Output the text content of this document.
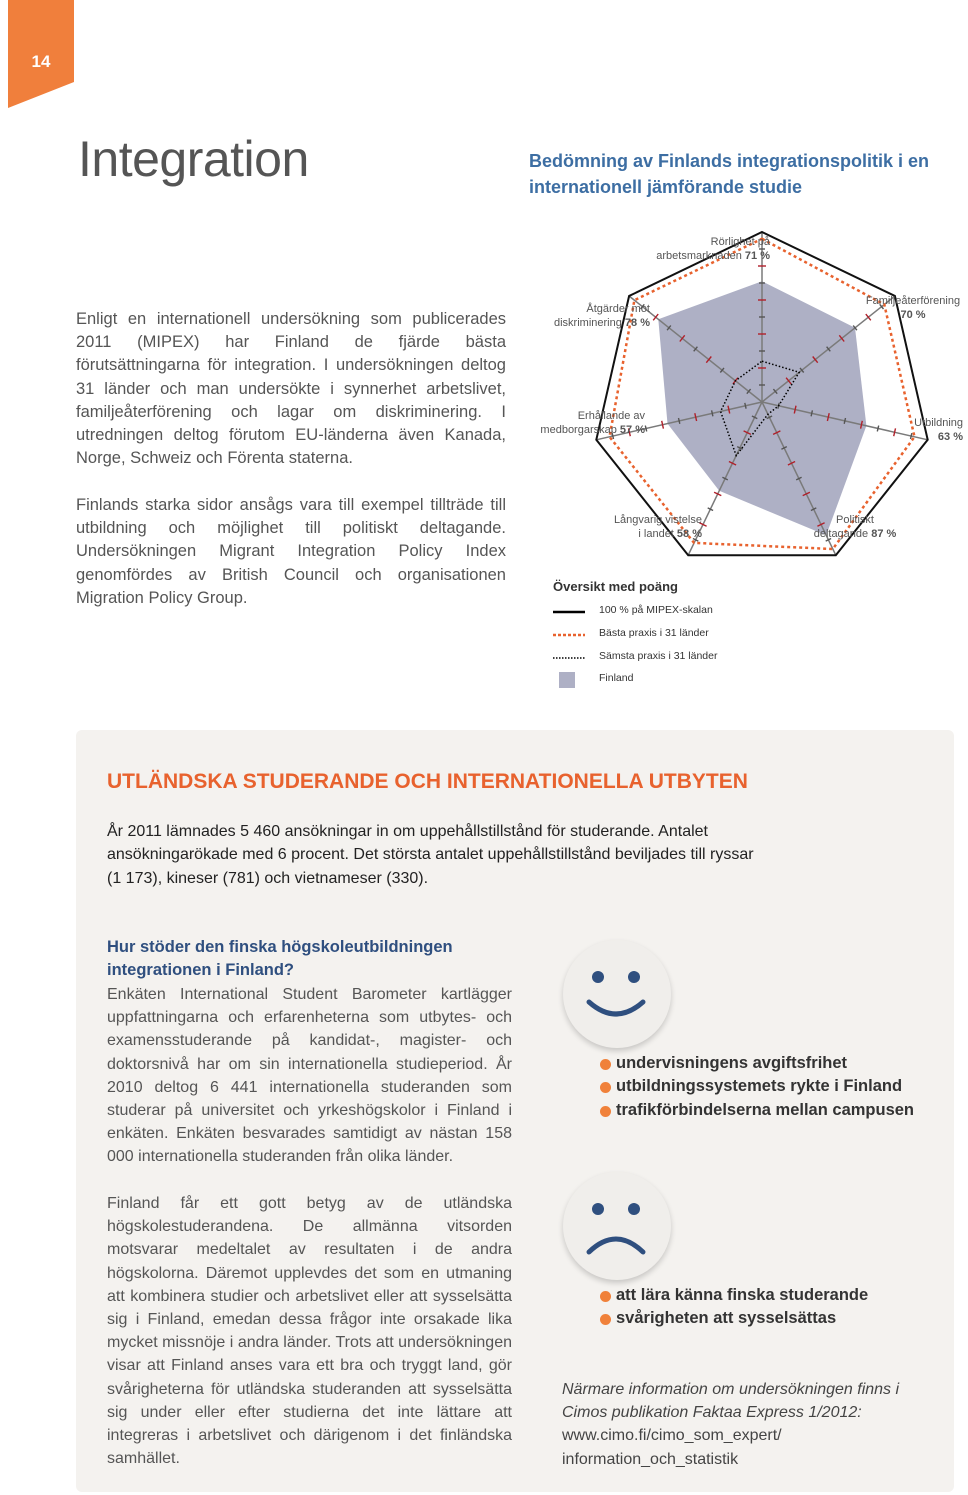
14
Integration	Bedömning av Finlands integrationspolitik i en internationell jämförande studie

Enligt en internationell undersökning som publicerades 2011 (MIPEX) har Finland de fjärde bästa förutsättningarna för integration. I undersökningen deltog 31 länder och man undersökte i synnerhet arbetslivet, familjeåterförening och lagar om diskriminering. I utredningen deltog förutom EU-länderna även Kanada, Norge, Schweiz och Förenta staterna.

Finlands starka sidor ansågs vara till exempel tillträde till utbildning och möjlighet till politiskt deltagande. Undersökningen Migrant Integration Policy Index genomfördes av British Council och organisationen Migration Policy Group.

Rörlighet på
arbetsmarknaden 71 %
Familjeåterförening
70 %
Utbildning
63 %
Politiskt
deltagande 87 %
Långvarig vistelse
i landet 58 %
Erhållande av
medborgarskap 57 %
Åtgärder mot
diskriminering 78 %
Översikt med poäng
100 % på MIPEX-skalan
Bästa praxis i 31 länder
Sämsta praxis i 31 länder
Finland
UTLÄNDSKA STUDERANDE OCH INTERNATIONELLA UTBYTEN

År 2011 lämnades 5 460 ansökningar in om uppehållstillstånd för studerande. Antalet ansökningarökade med 6 procent. Det största antalet uppehållstillstånd beviljades till ryssar (1 173), kineser (781) och vietnameser (330).

Hur stöder den finska högskoleutbildningen integrationen i Finland?

Enkäten International Student Barometer kartlägger uppfattningarna och erfarenheterna som utbytes- och examensstuderande på kandidat-, magister- och doktorsnivå har om sin internationella studieperiod. År 2010 deltog 6 441 internationella studeranden som studerar på universitet och yrkeshögskolor i Finland i enkäten. Enkäten besvarades samtidigt av nästan 158 000 internationella studeranden från olika länder.

Finland får ett gott betyg av de utländska högskolestuderandena. De allmänna vitsorden motsvarar medeltalet av resultaten i de andra högskolorna. Däremot upplevdes det som en utmaning att kombinera studier och arbetslivet eller att sysselsätta sig i Finland, emedan dessa frågor inte orsakade lika mycket missnöje i andra länder. Trots att undersökningen visar att Finland anses vara ett bra och tryggt land, gör svårigheterna för utländska studeranden att sysselsätta sig under eller efter studierna det inte lättare att integreras i arbetslivet och därigenom i det finländska samhället.

undervisningens avgiftsfrihet
utbildningssystemets rykte i Finland
trafikförbindelserna mellan campusen
att lära känna finska studerande
svårigheten att sysselsättas

Närmare information om undersökningen finns i Cimos publikation Faktaa Express 1/2012:
www.cimo.fi/cimo_som_expert/ information_och_statistik
